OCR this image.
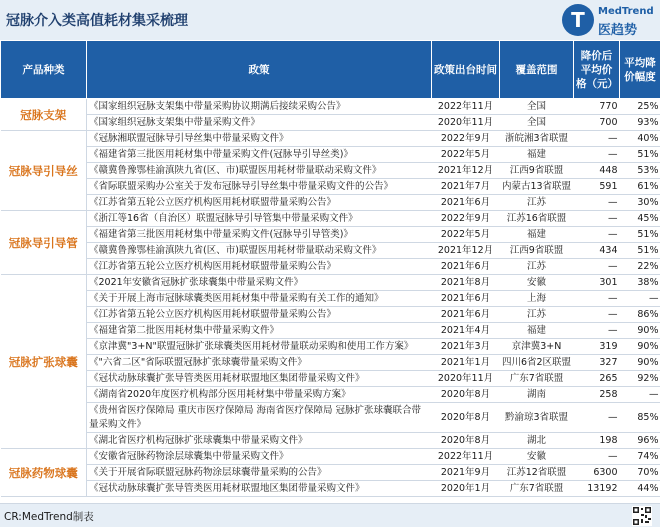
冠脉介入类高值耗材集采梳理	T	MedTrend
医趋势
产品种类	政策	政策出台时间	覆盖范围	降价后平均价格（元）	平均降价幅度
冠脉支架	《国家组织冠脉支架集中带量采购协议期满后接续采购公告》	2022年11月	全国	770	25%
	《国家组织冠脉支架集中带量采购文件》	2020年11月	全国	700	93%
冠脉导引导丝	《冠脉湘联盟冠脉导引导丝集中带量采购文件》	2022年9月	浙皖湘3省联盟	—	40%
	《福建省第三批医用耗材集中带量采购文件(冠脉导引导丝类)》	2022年5月	福建	—	51%
	《赣冀鲁豫鄂桂渝滇陕九省(区、市)联盟医用耗材带量联动采购文件》	2021年12月	江西9省联盟	448	53%
	《省际联盟采购办公室关于发布冠脉导引导丝集中带量采购文件的公告》	2021年7月	内蒙古13省联盟	591	61%
	《江苏省第五轮公立医疗机构医用耗材联盟带量采购公告》	2021年6月	江苏	—	30%
冠脉导引导管	《浙江等16省（自治区）联盟冠脉导引导管集中带量采购文件》	2022年9月	江苏16省联盟	—	45%
	《福建省第三批医用耗材集中带量采购文件(冠脉导引导管类)》	2022年5月	福建	—	51%
	《赣冀鲁豫鄂桂渝滇陕九省(区、市)联盟医用耗材带量联动采购文件》	2021年12月	江西9省联盟	434	51%
	《江苏省第五轮公立医疗机构医用耗材联盟带量采购公告》	2021年6月	江苏	—	22%
冠脉扩张球囊	《2021年安徽省冠脉扩张球囊集中带量采购文件》	2021年8月	安徽	301	38%
	《关于开展上海市冠脉球囊类医用耗材集中带量采购有关工作的通知》	2021年6月	上海	—	—
	《江苏省第五轮公立医疗机构医用耗材联盟带量采购公告》	2021年6月	江苏	—	86%
	《福建省第二批医用耗材集中带量采购文件》	2021年4月	福建	—	90%
	《京津冀"3+N"联盟冠脉扩张球囊类医用耗材带量联动采购和使用工作方案》	2021年3月	京津冀3+N	319	90%
	《"六省二区"省际联盟冠脉扩张球囊带量采购文件》	2021年1月	四川6省2区联盟	327	90%
	《冠状动脉球囊扩张导管类医用耗材联盟地区集团带量采购文件》	2020年11月	广东7省联盟	265	92%
	《湖南省2020年度医疗机构部分医用耗材集中带量采购方案》	2020年8月	湖南	258	—
	《贵州省医疗保障局 重庆市医疗保障局 海南省医疗保障局 冠脉扩张球囊联合带量采购文件》	2020年8月	黔渝琼3省联盟	—	85%
	《湖北省医疗机构冠脉扩张球囊集中带量采购文件》	2020年8月	湖北	198	96%
冠脉药物球囊	《安徽省冠脉药物涂层球囊集中带量采购文件》	2022年11月	安徽	—	74%
	《关于开展省际联盟冠脉药物涂层球囊带量采购的公告》	2021年9月	江苏12省联盟	6300	70%
	《冠状动脉球囊扩张导管类医用耗材联盟地区集团带量采购文件》	2020年1月	广东7省联盟	13192	44%
CR:MedTrend制表
